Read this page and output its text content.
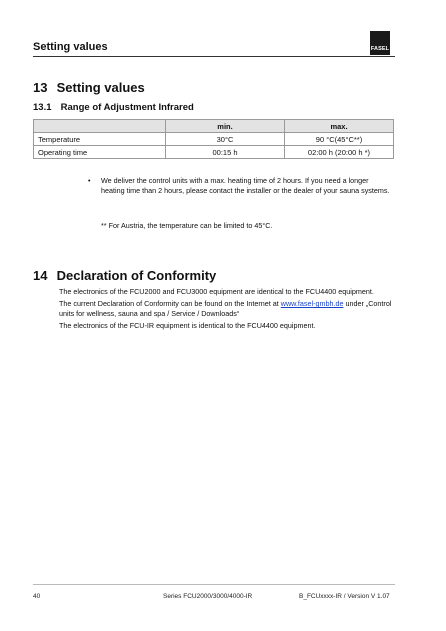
Setting values	FASEL
13 Setting values
13.1 Range of Adjustment Infrared
	min.	max.
Temperature	30°C	90 °C(45°C**)
Operating time	00:15 h	02:00 h (20:00 h *)
• We deliver the control units with a max. heating time of 2 hours. If you need a longer heating time than 2 hours, please contact the installer or the dealer of your sauna systems.
** For Austria, the temperature can be limited to 45°C.
14 Declaration of Conformity
The electronics of the FCU2000 and FCU3000 equipment are identical to the FCU4400 equipment.
The current Declaration of Conformity can be found on the Internet at www.fasel-gmbh.de under „Control units for wellness, sauna and spa / Service / Downloads“
The electronics of the FCU-IR equipment is identical to the FCU4400 equipment.
40	Series FCU2000/3000/4000-IR	B_FCUxxxx-IR / Version V 1.07
